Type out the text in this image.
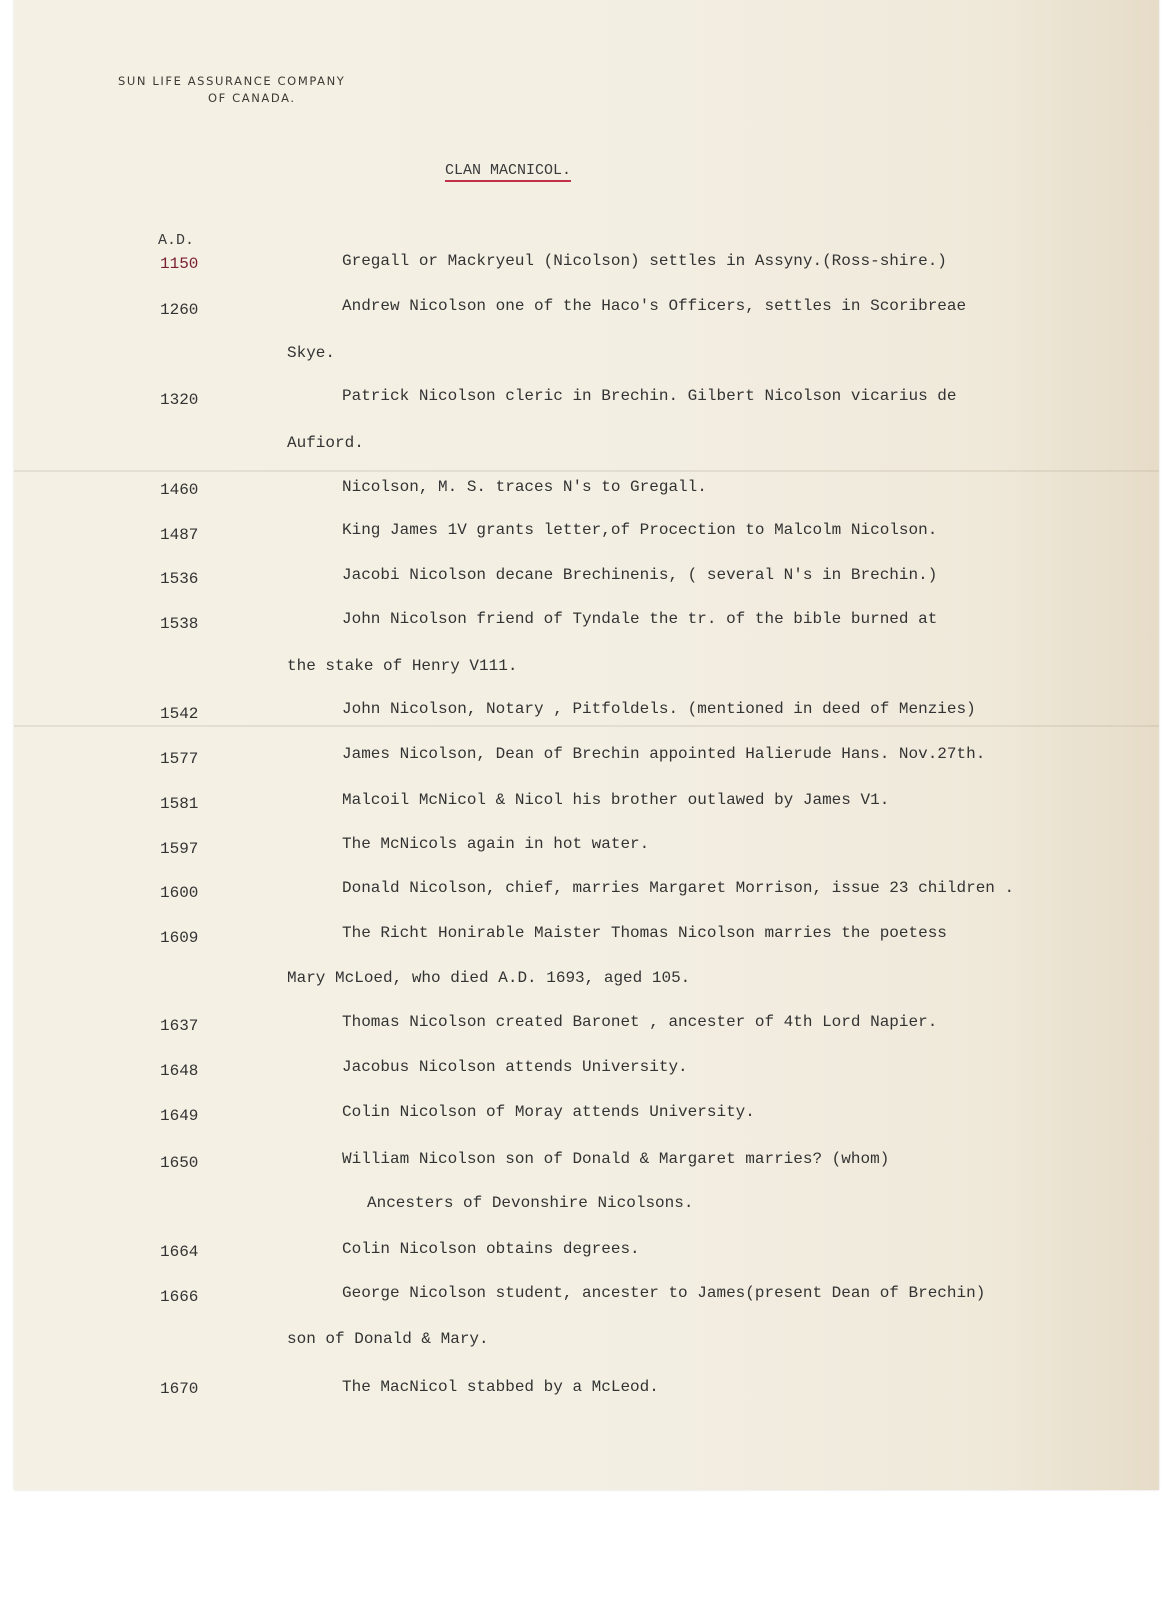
SUN LIFE ASSURANCE COMPANY
OF CANADA.
CLAN MACNICOL.
A.D.
1150	Gregall or Mackryeul (Nicolson) settles in Assyny.(Ross-shire.)
1260	Andrew Nicolson one of the Haco's Officers, settles in Scoribreae
Skye.
1320	Patrick Nicolson cleric in Brechin. Gilbert Nicolson vicarius de
Aufiord.
1460	Nicolson, M. S. traces N's to Gregall.
1487	King James 1V grants letter,of Procection to Malcolm Nicolson.
1536	Jacobi Nicolson decane Brechinenis, ( several N's in Brechin.)
1538	John Nicolson friend of Tyndale the tr. of the bible burned at
the stake of Henry V111.
1542	John Nicolson, Notary , Pitfoldels. (mentioned in deed of Menzies)
1577	James Nicolson, Dean of Brechin appointed Halierude Hans. Nov.27th.
1581	Malcoil McNicol & Nicol his brother outlawed by James V1.
1597	The McNicols again in hot water.
1600	Donald Nicolson, chief, marries Margaret Morrison, issue 23 children .
1609	The Richt Honirable Maister Thomas Nicolson marries the poetess
Mary McLoed, who died A.D. 1693, aged 105.
1637	Thomas Nicolson created Baronet , ancester of 4th Lord Napier.
1648	Jacobus Nicolson attends University.
1649	Colin Nicolson of Moray attends University.
1650	William Nicolson son of Donald & Margaret marries? (whom)
Ancesters of Devonshire Nicolsons.
1664	Colin Nicolson obtains degrees.
1666	George Nicolson student, ancester to James(present Dean of Brechin)
son of Donald & Mary.
1670	The MacNicol stabbed by a McLeod.
